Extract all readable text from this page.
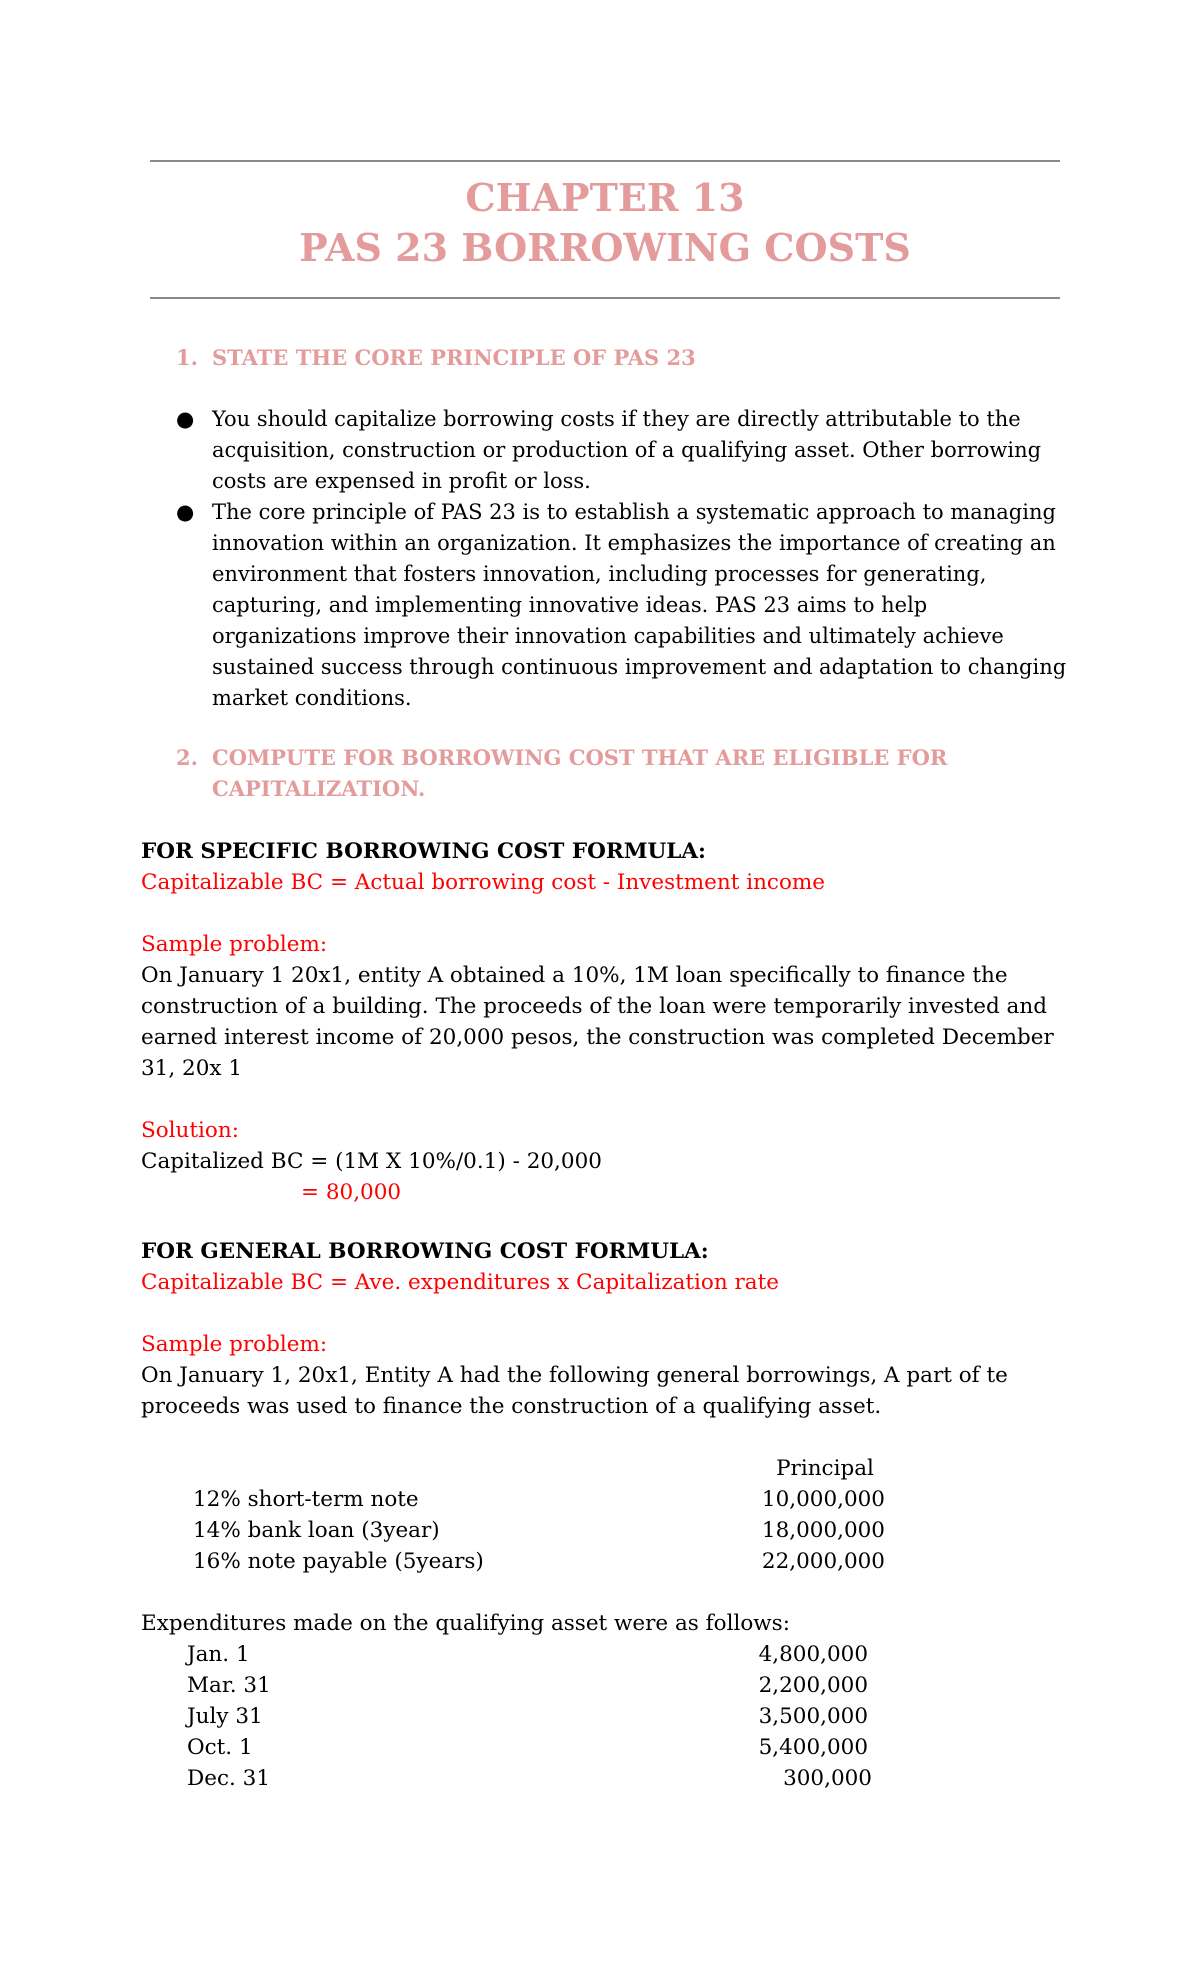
CHAPTER 13
PAS 23 BORROWING COSTS
1. STATE THE CORE PRINCIPLE OF PAS 23
● You should capitalize borrowing costs if they are directly attributable to the acquisition, construction or production of a qualifying asset. Other borrowing costs are expensed in profit or loss.
● The core principle of PAS 23 is to establish a systematic approach to managing innovation within an organization. It emphasizes the importance of creating an environment that fosters innovation, including processes for generating, capturing, and implementing innovative ideas. PAS 23 aims to help organizations improve their innovation capabilities and ultimately achieve sustained success through continuous improvement and adaptation to changing market conditions.
2. COMPUTE FOR BORROWING COST THAT ARE ELIGIBLE FOR CAPITALIZATION.
FOR SPECIFIC BORROWING COST FORMULA:
Capitalizable BC = Actual borrowing cost - Investment income
Sample problem:
On January 1 20x1, entity A obtained a 10%, 1M loan specifically to finance the construction of a building. The proceeds of the loan were temporarily invested and earned interest income of 20,000 pesos, the construction was completed December 31, 20x 1
Solution:
Capitalized BC = (1M X 10%/0.1) - 20,000
= 80,000
FOR GENERAL BORROWING COST FORMULA:
Capitalizable BC = Ave. expenditures x Capitalization rate
Sample problem:
On January 1, 20x1, Entity A had the following general borrowings, A part of te proceeds was used to finance the construction of a qualifying asset.
Principal
12% short-term note	10,000,000
14% bank loan (3year)	18,000,000
16% note payable (5years)	22,000,000
Expenditures made on the qualifying asset were as follows:
Jan. 1	4,800,000
Mar. 31	2,200,000
July 31	3,500,000
Oct. 1	5,400,000
Dec. 31	300,000
